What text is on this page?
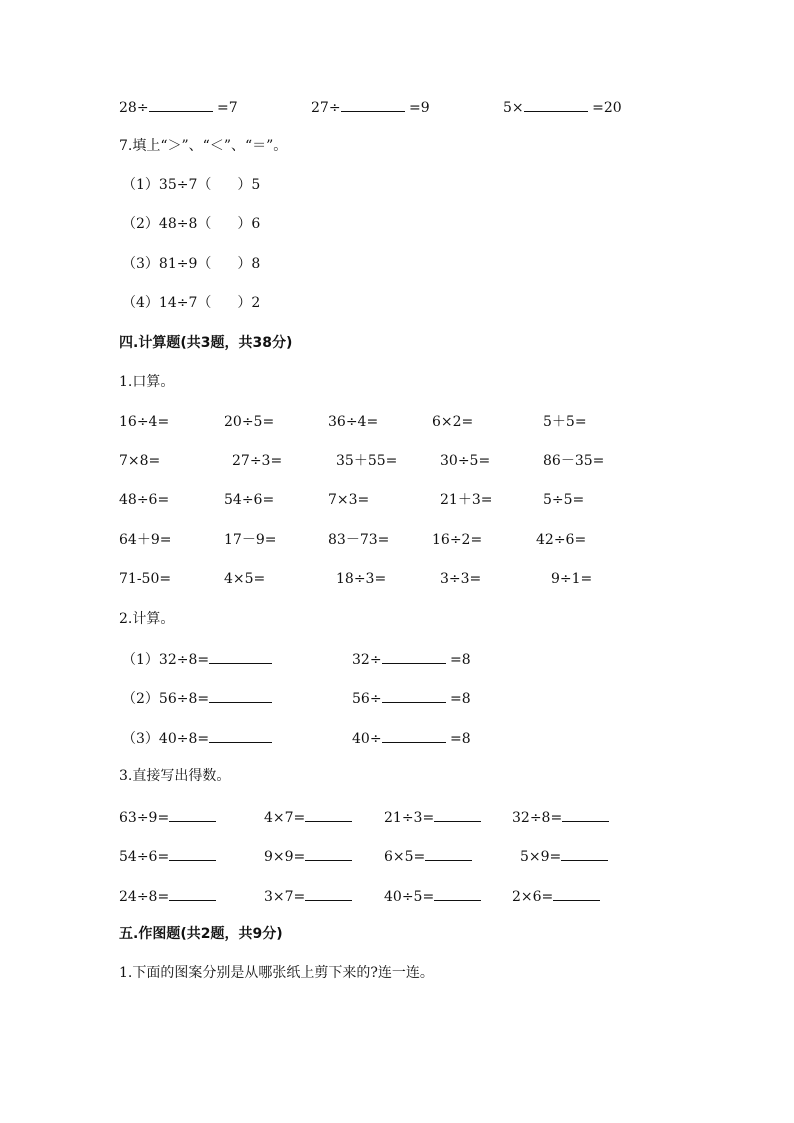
28÷	=7	27÷	=9	5×	=20
7.填上“＞”、“＜”、“＝”。
（1）35÷7（ ）5
（2）48÷8（ ）6
（3）81÷9（ ）8
（4）14÷7（ ）2
四.计算题(共3题，共38分)
1.口算。
16÷4=	20÷5=	36÷4=	6×2=	5＋5=
7×8=	27÷3=	35＋55=	30÷5=	86－35=
48÷6=	54÷6=	7×3=	21＋3=	5÷5=
64＋9=	17－9=	83－73=	16÷2=	42÷6=
71-50=	4×5=	18÷3=	3÷3=	9÷1=
2.计算。
（1）32÷8=	32÷	=8
（2）56÷8=	56÷	=8
（3）40÷8=	40÷	=8
3.直接写出得数。
63÷9=	4×7=	21÷3=	32÷8=
54÷6=	9×9=	6×5=	5×9=
24÷8=	3×7=	40÷5=	2×6=
五.作图题(共2题，共9分)
1.下面的图案分别是从哪张纸上剪下来的?连一连。
